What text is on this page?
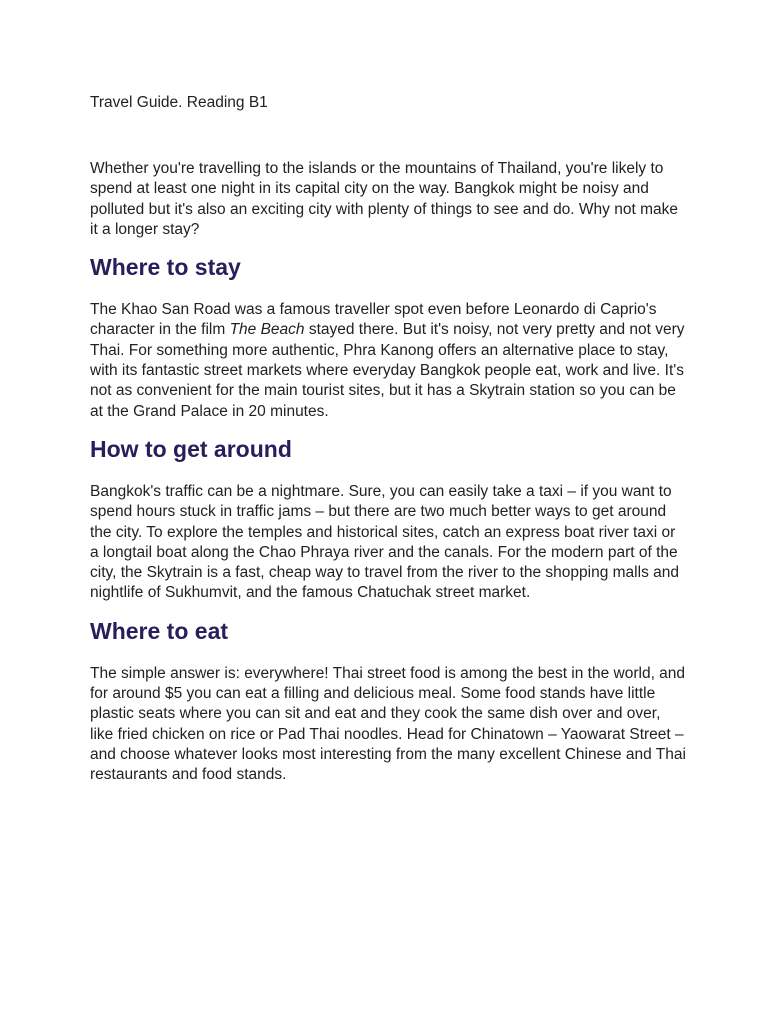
Travel Guide. Reading B1

Whether you're travelling to the islands or the mountains of Thailand, you're likely to spend at least one night in its capital city on the way. Bangkok might be noisy and polluted but it's also an exciting city with plenty of things to see and do. Why not make it a longer stay?

Where to stay

The Khao San Road was a famous traveller spot even before Leonardo di Caprio's character in the film The Beach stayed there. But it's noisy, not very pretty and not very Thai. For something more authentic, Phra Kanong offers an alternative place to stay, with its fantastic street markets where everyday Bangkok people eat, work and live. It's not as convenient for the main tourist sites, but it has a Skytrain station so you can be at the Grand Palace in 20 minutes.

How to get around

Bangkok's traffic can be a nightmare. Sure, you can easily take a taxi – if you want to spend hours stuck in traffic jams – but there are two much better ways to get around the city. To explore the temples and historical sites, catch an express boat river taxi or a longtail boat along the Chao Phraya river and the canals. For the modern part of the city, the Skytrain is a fast, cheap way to travel from the river to the shopping malls and nightlife of Sukhumvit, and the famous Chatuchak street market.

Where to eat

The simple answer is: everywhere! Thai street food is among the best in the world, and for around $5 you can eat a filling and delicious meal. Some food stands have little plastic seats where you can sit and eat and they cook the same dish over and over, like fried chicken on rice or Pad Thai noodles. Head for Chinatown – Yaowarat Street – and choose whatever looks most interesting from the many excellent Chinese and Thai restaurants and food stands.
